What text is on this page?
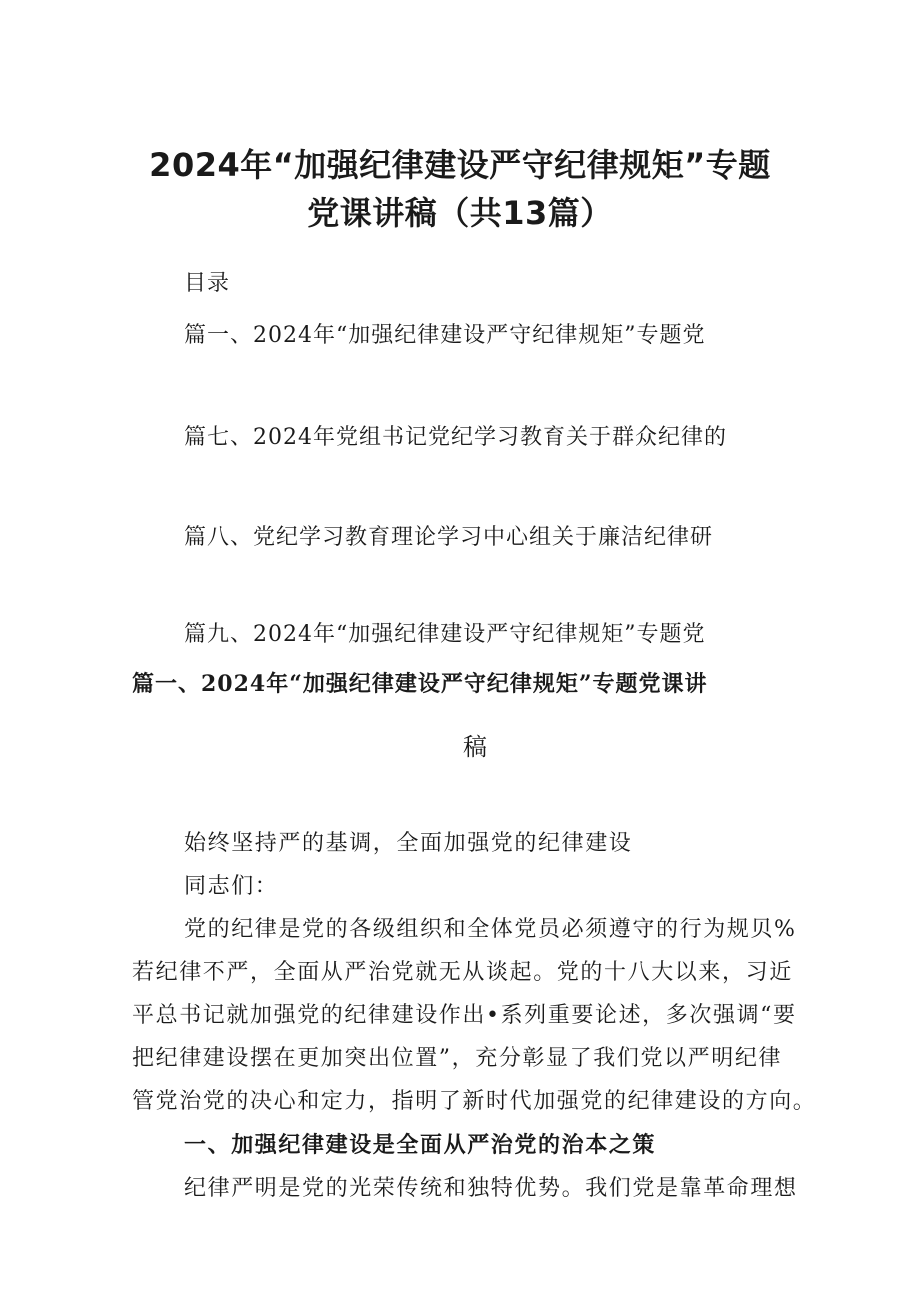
2024年“加强纪律建设严守纪律规矩”专题
党课讲稿（共13篇）
目录
篇一、2024年“加强纪律建设严守纪律规矩”专题党
篇七、2024年党组书记党纪学习教育关于群众纪律的
篇八、党纪学习教育理论学习中心组关于廉洁纪律研
篇九、2024年“加强纪律建设严守纪律规矩”专题党
篇一、2024年“加强纪律建设严守纪律规矩”专题党课讲
稿
始终坚持严的基调，全面加强党的纪律建设
同志们：
党的纪律是党的各级组织和全体党员必须遵守的行为规贝%
若纪律不严，全面从严治党就无从谈起。党的十八大以来，习近
平总书记就加强党的纪律建设作出•系列重要论述，多次强调“要
把纪律建设摆在更加突出位置”，充分彰显了我们党以严明纪律
管党治党的决心和定力，指明了新时代加强党的纪律建设的方向。
一、加强纪律建设是全面从严治党的治本之策
纪律严明是党的光荣传统和独特优势。我们党是靠革命理想
